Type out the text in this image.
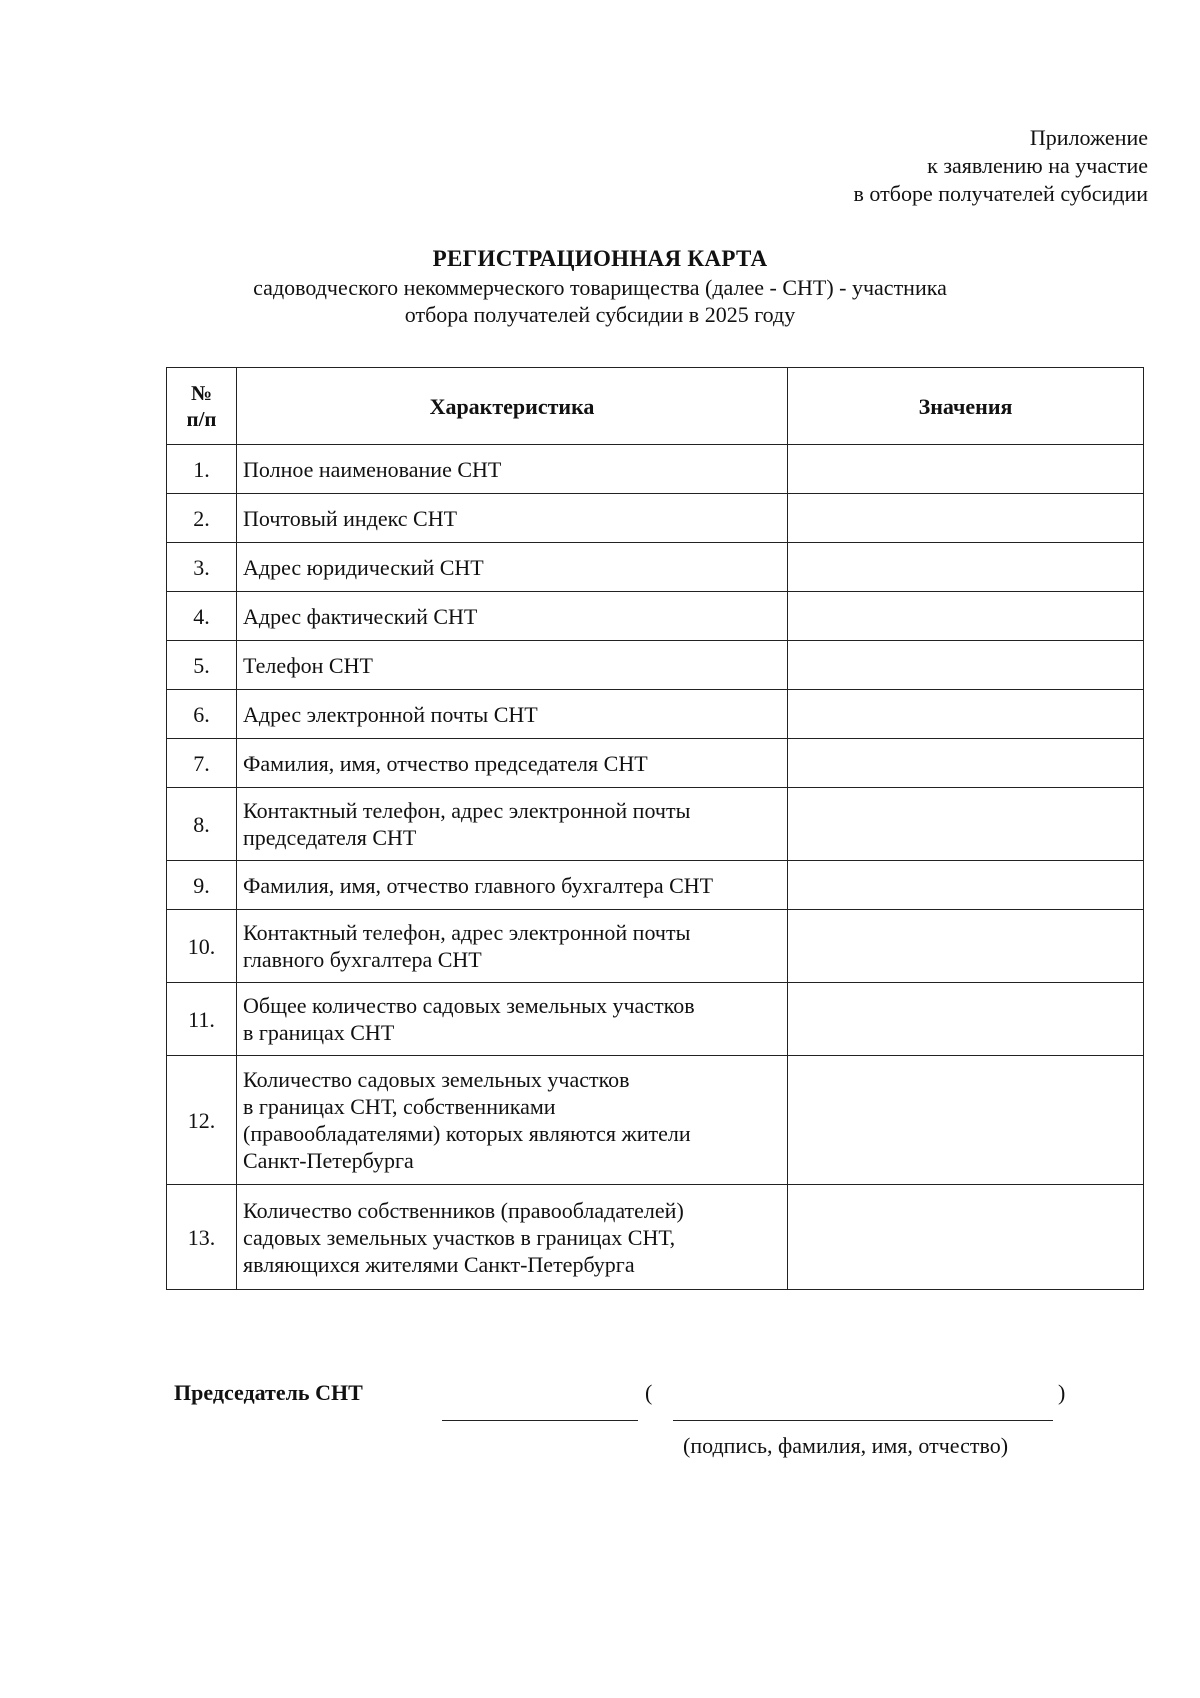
Приложение
к заявлению на участие
в отборе получателей субсидии
РЕГИСТРАЦИОННАЯ КАРТА
садоводческого некоммерческого товарищества (далее - СНТ) - участника
отбора получателей субсидии в 2025 году
№
п/п	Характеристика	Значения
1.	Полное наименование СНТ	

2.	Почтовый индекс СНТ	

3.	Адрес юридический СНТ	

4.	Адрес фактический СНТ	

5.	Телефон СНТ	

6.	Адрес электронной почты СНТ	

7.	Фамилия, имя, отчество председателя СНТ	

8.	Контактный телефон, адрес электронной почты
председателя СНТ	

9.	Фамилия, имя, отчество главного бухгалтера СНТ	

10.	Контактный телефон, адрес электронной почты
главного бухгалтера СНТ	

11.	Общее количество садовых земельных участков
в границах СНТ	

12.	Количество садовых земельных участков
в границах СНТ, собственниками
(правообладателями) которых являются жители
Санкт-Петербурга	

13.	Количество собственников (правообладателей)
садовых земельных участков в границах СНТ,
являющихся жителями Санкт-Петербурга	

Председатель СНТ	(	)
(подпись, фамилия, имя, отчество)
